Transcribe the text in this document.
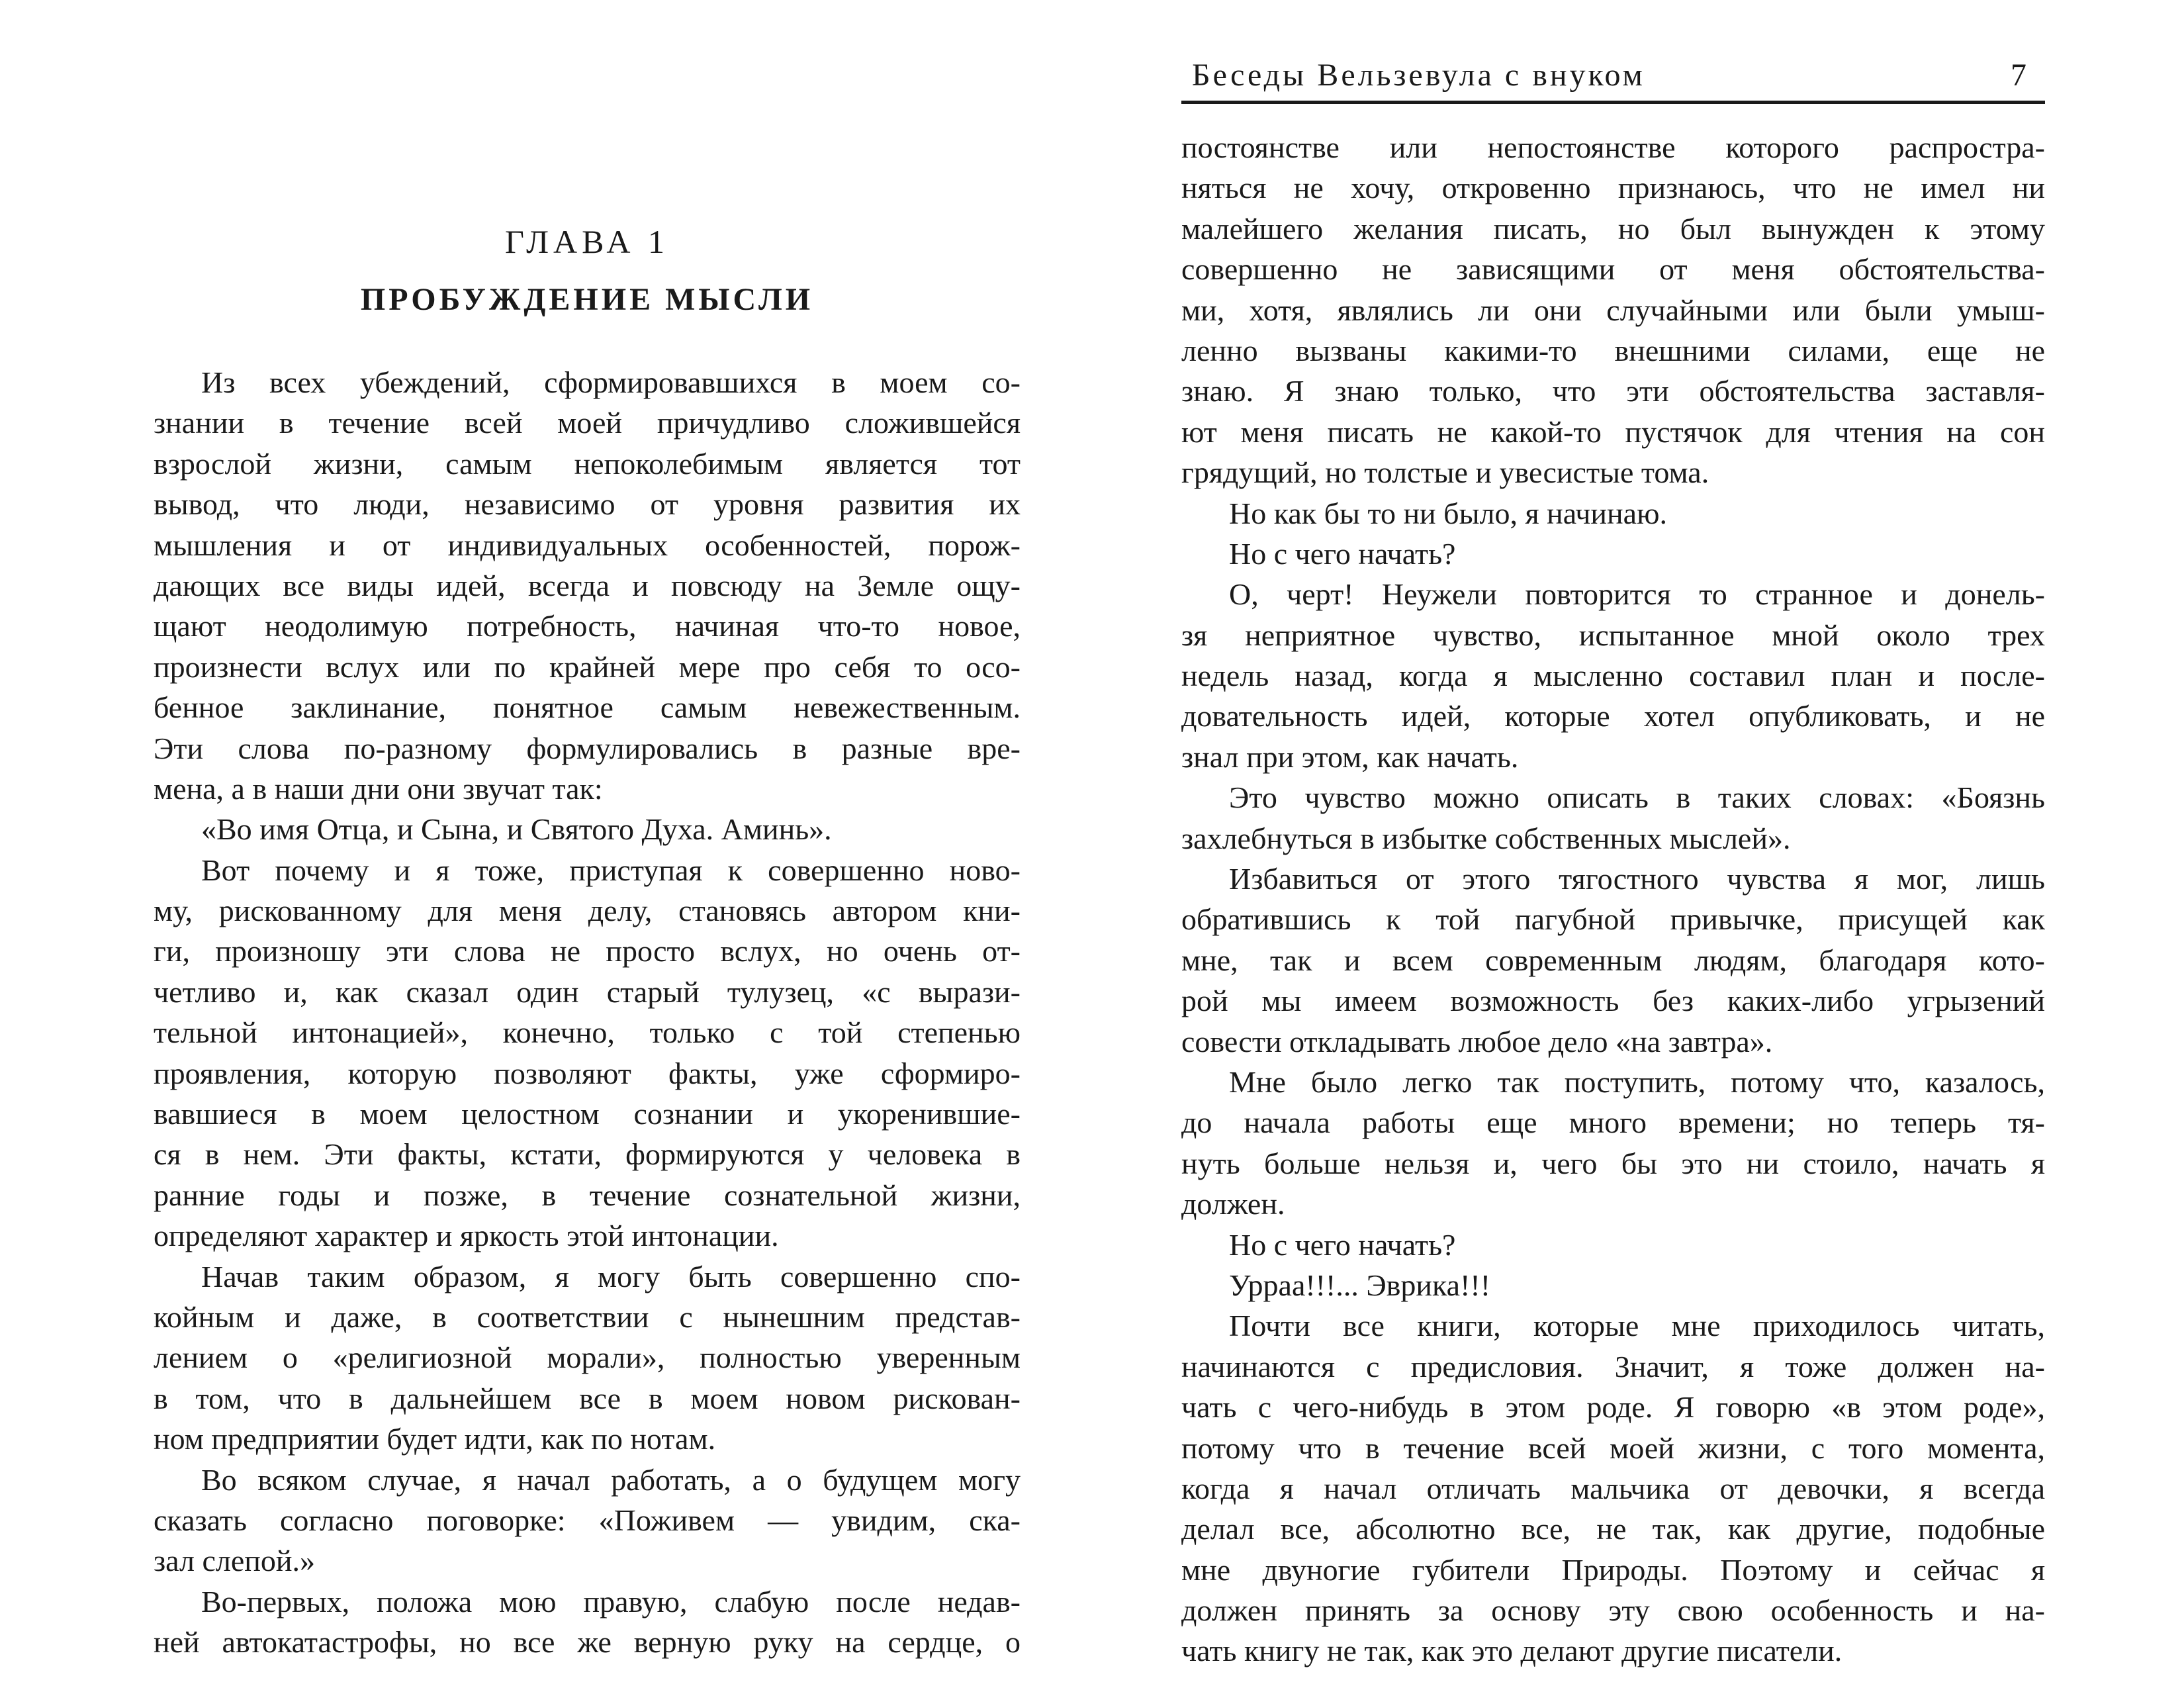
ГЛАВА 1
ПРОБУЖДЕНИЕ МЫСЛИ
Из всех убеждений, сформировавшихся в моем со-
знании в течение всей моей причудливо сложившейся
взрослой жизни, самым непоколебимым является тот
вывод, что люди, независимо от уровня развития их
мышления и от индивидуальных особенностей, порож-
дающих все виды идей, всегда и повсюду на Земле ощу-
щают неодолимую потребность, начиная что-то новое,
произнести вслух или по крайней мере про себя то осо-
бенное заклинание, понятное самым невежественным.
Эти слова по-разному формулировались в разные вре-
мена, а в наши дни они звучат так:
«Во имя Отца, и Сына, и Святого Духа. Аминь».
Вот почему и я тоже, приступая к совершенно ново-
му, рискованному для меня делу, становясь автором кни-
ги, произношу эти слова не просто вслух, но очень от-
четливо и, как сказал один старый тулузец, «с вырази-
тельной интонацией», конечно, только с той степенью
проявления, которую позволяют факты, уже сформиро-
вавшиеся в моем целостном сознании и укоренившие-
ся в нем. Эти факты, кстати, формируются у человека в
ранние годы и позже, в течение сознательной жизни,
определяют характер и яркость этой интонации.
Начав таким образом, я могу быть совершенно спо-
койным и даже, в соответствии с нынешним представ-
лением о «религиозной морали», полностью уверенным
в том, что в дальнейшем все в моем новом рискован-
ном предприятии будет идти, как по нотам.
Во всяком случае, я начал работать, а о будущем могу
сказать согласно поговорке: «Поживем — увидим, ска-
зал слепой.»
Во-первых, положа мою правую, слабую после недав-
ней автокатастрофы, но все же верную руку на сердце, о
Беседы Вельзевула с внуком	7
постоянстве или непостоянстве которого распростра-
няться не хочу, откровенно признаюсь, что не имел ни
малейшего желания писать, но был вынужден к этому
совершенно не зависящими от меня обстоятельства-
ми, хотя, являлись ли они случайными или были умыш-
ленно вызваны какими-то внешними силами, еще не
знаю. Я знаю только, что эти обстоятельства заставля-
ют меня писать не какой-то пустячок для чтения на сон
грядущий, но толстые и увесистые тома.
Но как бы то ни было, я начинаю.
Но с чего начать?
О, черт! Неужели повторится то странное и донель-
зя неприятное чувство, испытанное мной около трех
недель назад, когда я мысленно составил план и после-
довательность идей, которые хотел опубликовать, и не
знал при этом, как начать.
Это чувство можно описать в таких словах: «Боязнь
захлебнуться в избытке собственных мыслей».
Избавиться от этого тягостного чувства я мог, лишь
обратившись к той пагубной привычке, присущей как
мне, так и всем современным людям, благодаря кото-
рой мы имеем возможность без каких-либо угрызений
совести откладывать любое дело «на завтра».
Мне было легко так поступить, потому что, казалось,
до начала работы еще много времени; но теперь тя-
нуть больше нельзя и, чего бы это ни стоило, начать я
должен.
Но с чего начать?
Урраа!!!... Эврика!!!
Почти все книги, которые мне приходилось читать,
начинаются с предисловия. Значит, я тоже должен на-
чать с чего-нибудь в этом роде. Я говорю «в этом роде»,
потому что в течение всей моей жизни, с того момента,
когда я начал отличать мальчика от девочки, я всегда
делал все, абсолютно все, не так, как другие, подобные
мне двуногие губители Природы. Поэтому и сейчас я
должен принять за основу эту свою особенность и на-
чать книгу не так, как это делают другие писатели.
